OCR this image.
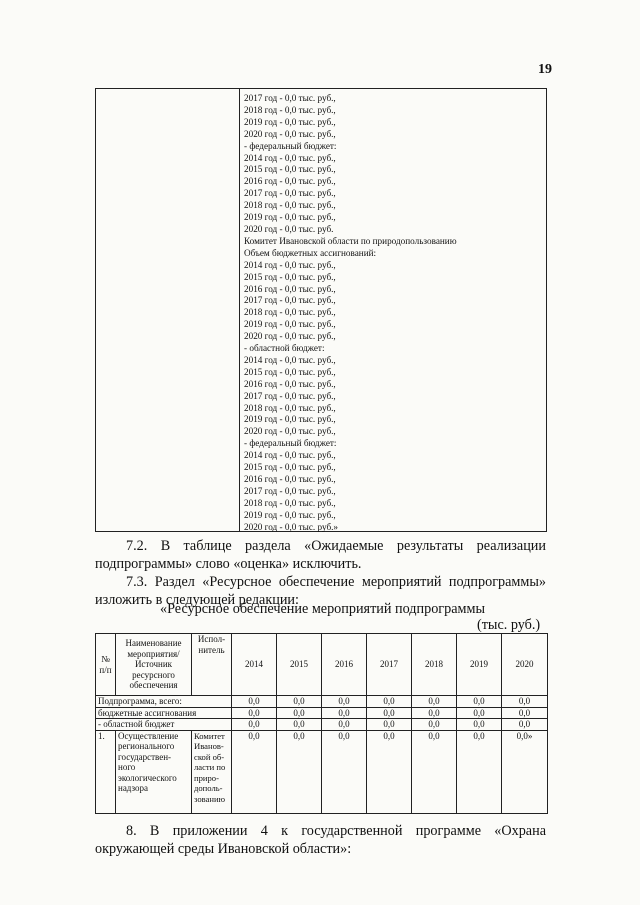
19
2017 год - 0,0 тыс. руб.,
2018 год - 0,0 тыс. руб.,
2019 год - 0,0 тыс. руб.,
2020 год - 0,0 тыс. руб.,
- федеральный бюджет:
2014 год - 0,0 тыс. руб.,
2015 год - 0,0 тыс. руб.,
2016 год - 0,0 тыс. руб.,
2017 год - 0,0 тыс. руб.,
2018 год - 0,0 тыс. руб.,
2019 год - 0,0 тыс. руб.,
2020 год - 0,0 тыс. руб.
Комитет Ивановской области по природопользованию
Объем бюджетных ассигнований:
2014 год - 0,0 тыс. руб.,
2015 год - 0,0 тыс. руб.,
2016 год - 0,0 тыс. руб.,
2017 год - 0,0 тыс. руб.,
2018 год - 0,0 тыс. руб.,
2019 год - 0,0 тыс. руб.,
2020 год - 0,0 тыс. руб.,
- областной бюджет:
2014 год - 0,0 тыс. руб.,
2015 год - 0,0 тыс. руб.,
2016 год - 0,0 тыс. руб.,
2017 год - 0,0 тыс. руб.,
2018 год - 0,0 тыс. руб.,
2019 год - 0,0 тыс. руб.,
2020 год - 0,0 тыс. руб.,
- федеральный бюджет:
2014 год - 0,0 тыс. руб.,
2015 год - 0,0 тыс. руб.,
2016 год - 0,0 тыс. руб.,
2017 год - 0,0 тыс. руб.,
2018 год - 0,0 тыс. руб.,
2019 год - 0,0 тыс. руб.,
2020 год - 0,0 тыс. руб.»
7.2. В таблице раздела «Ожидаемые результаты реализации
подпрограммы» слово «оценка» исключить.
7.3. Раздел «Ресурсное обеспечение мероприятий подпрограммы»
изложить в следующей редакции:
«Ресурсное обеспечение мероприятий подпрограммы
(тыс. руб.)
№ п/п	Наименование мероприятия/ Источник ресурсного обеспечения	Испол- нитель	2014	2015	2016	2017	2018	2019	2020
Подпрограмма, всего:			0,0	0,0	0,0	0,0	0,0	0,0	0,0
бюджетные ассигнования			0,0	0,0	0,0	0,0	0,0	0,0	0,0
- областной бюджет			0,0	0,0	0,0	0,0	0,0	0,0	0,0
1.	Осуществление регионального государствен- ного экологического надзора	Комитет Иванов- ской об- ласти по приро- дополь- зованию	0,0	0,0	0,0	0,0	0,0	0,0	0,0»
8. В приложении 4 к государственной программе «Охрана
окружающей среды Ивановской области»:
